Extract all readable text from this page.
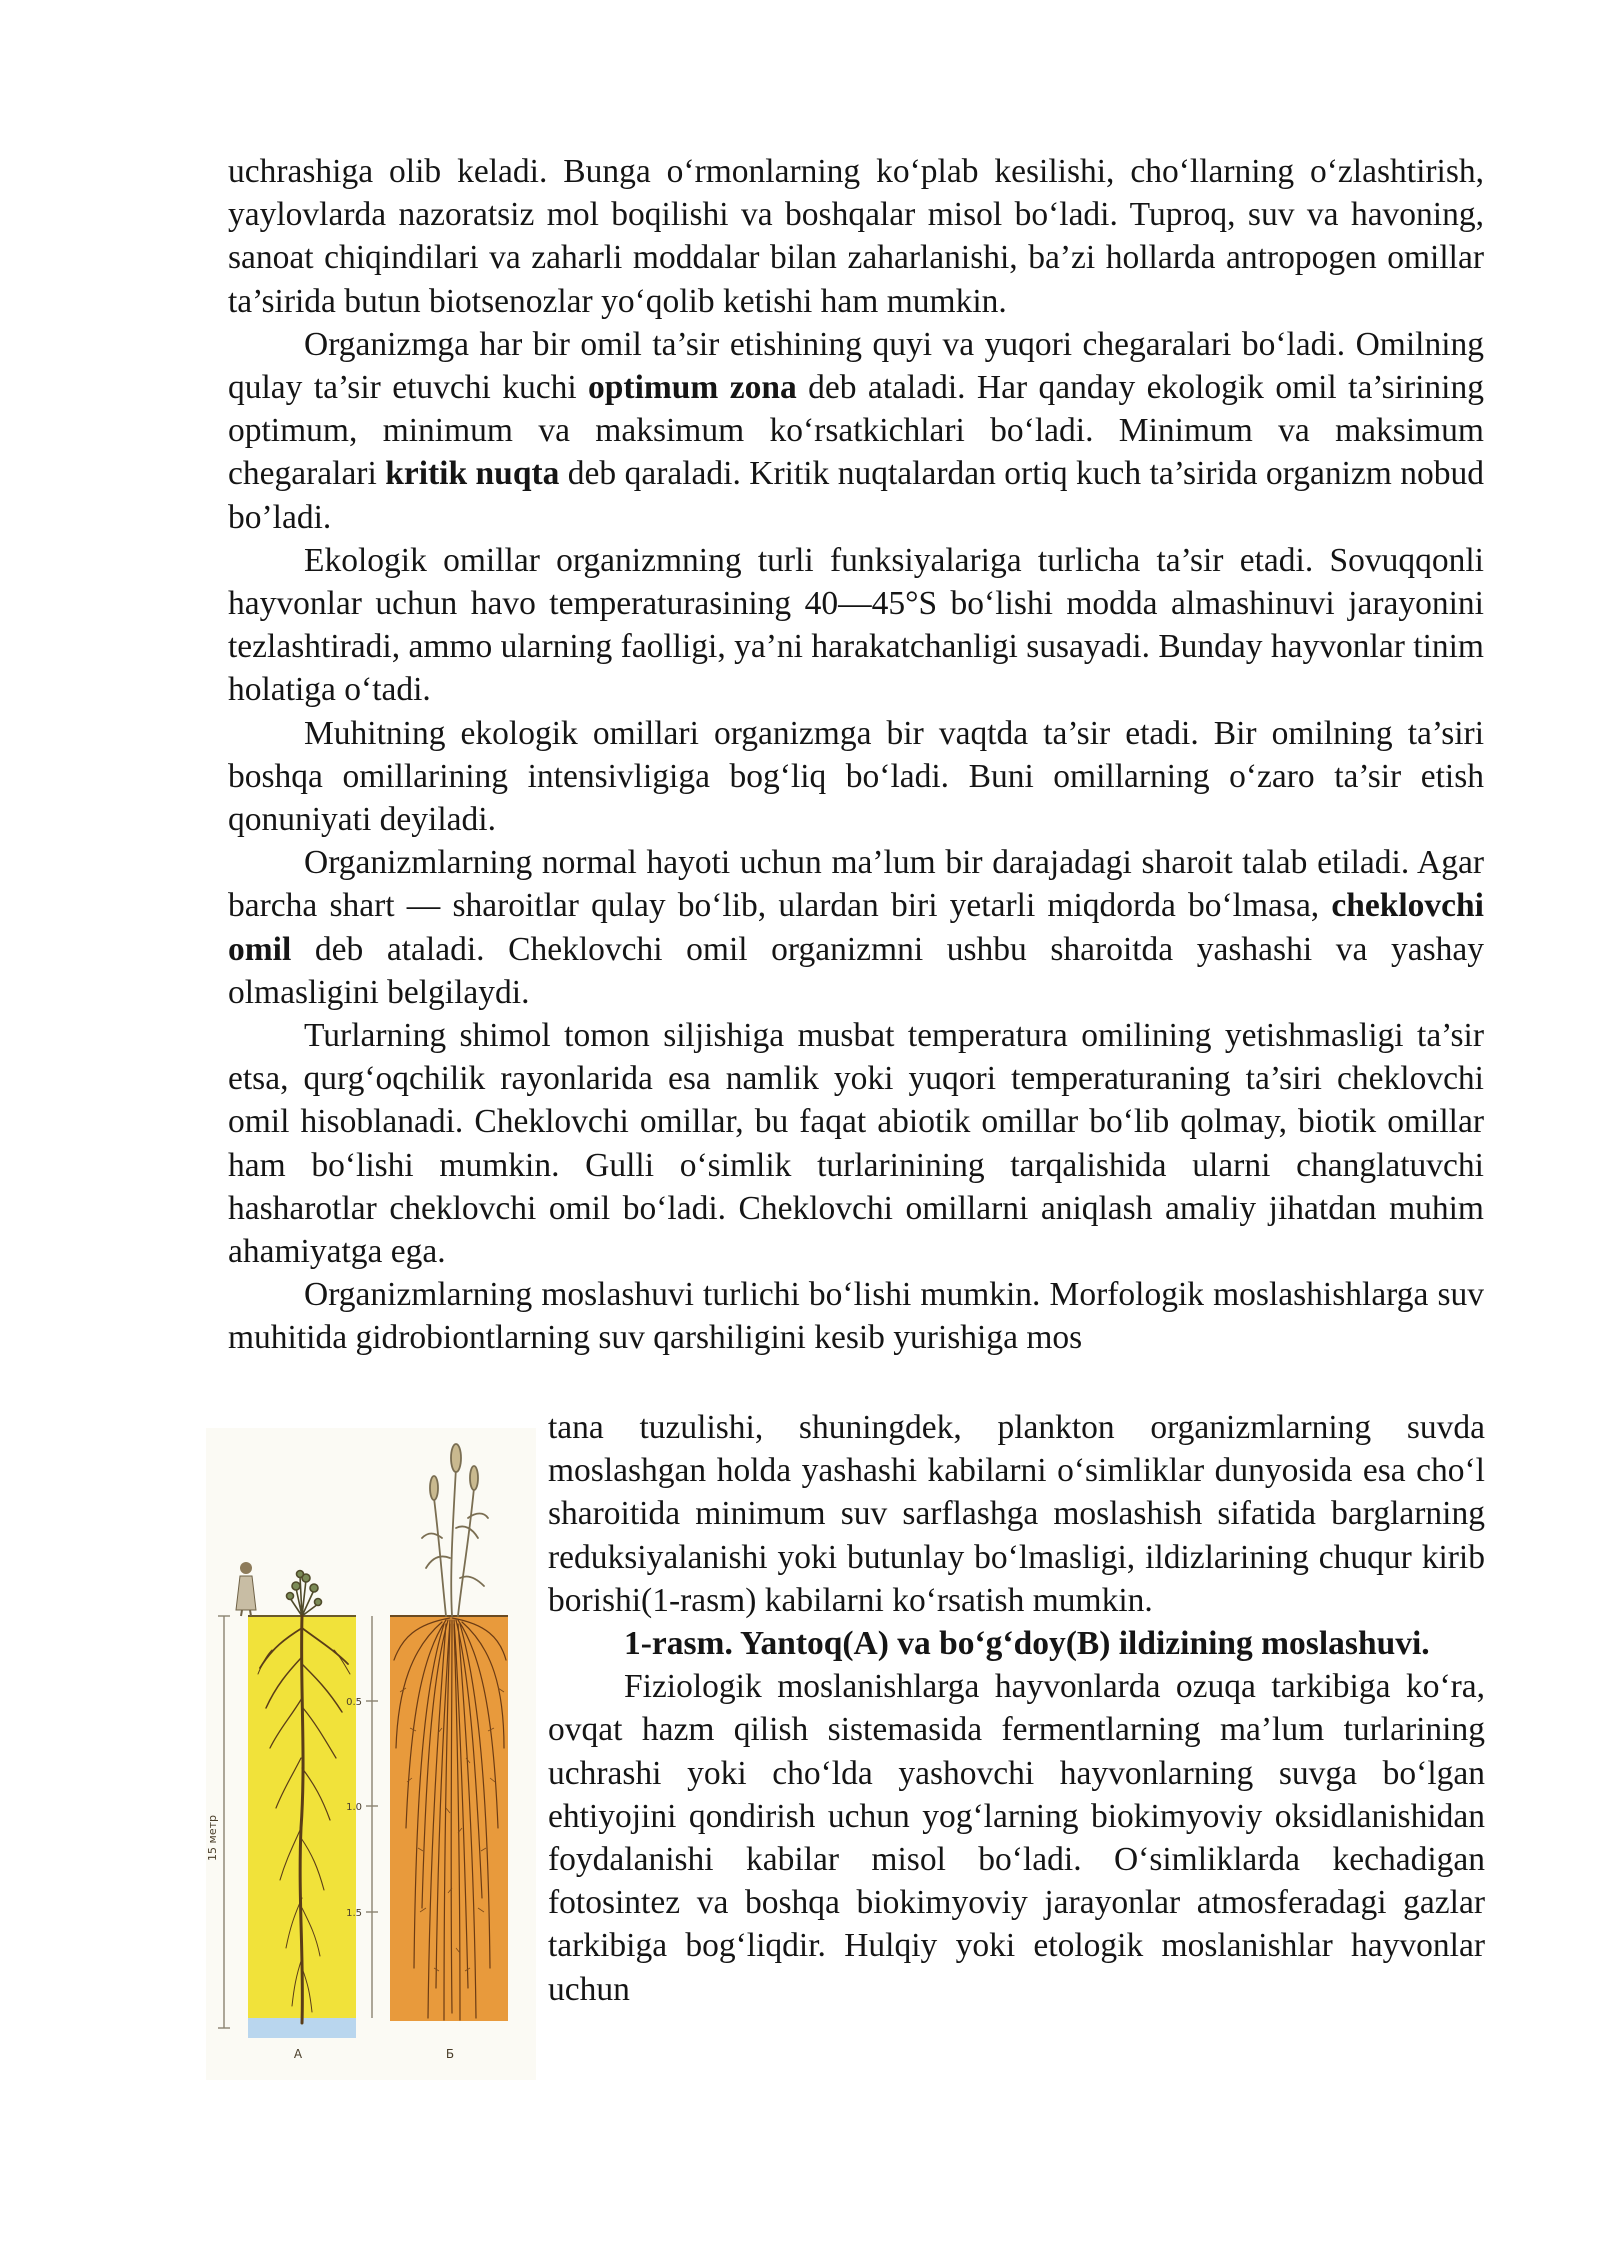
uchrashiga olib keladi. Bunga o‘rmonlarning ko‘plab kesilishi, cho‘llarning o‘zlashtirish, yaylovlarda nazoratsiz mol boqilishi va boshqalar misol bo‘ladi. Tuproq, suv va havoning, sanoat chiqindilari va zaharli moddalar bilan zaharlanishi, ba’zi hollarda antropogen omillar ta’sirida butun biotsenozlar yo‘qolib ketishi ham mumkin.

Organizmga har bir omil ta’sir etishining quyi va yuqori chegaralari bo‘ladi. Omilning qulay ta’sir etuvchi kuchi optimum zona deb ataladi. Har qanday ekologik omil ta’sirining optimum, minimum va maksimum ko‘rsatkichlari bo‘ladi. Minimum va maksimum chegaralari kritik nuqta deb qaraladi. Kritik nuqtalardan ortiq kuch ta’sirida organizm nobud bo’ladi.

Ekologik omillar organizmning turli funksiyalariga turlicha ta’sir etadi. Sovuqqonli hayvonlar uchun havo temperaturasining 40—45°S bo‘lishi modda almashinuvi jarayonini tezlashtiradi, ammo ularning faolligi, ya’ni harakatchanligi susayadi. Bunday hayvonlar tinim holatiga o‘tadi.

Muhitning ekologik omillari organizmga bir vaqtda ta’sir etadi. Bir omilning ta’siri boshqa omillarining intensivligiga bog‘liq bo‘ladi. Buni omillarning o‘zaro ta’sir etish qonuniyati deyiladi.

Organizmlarning normal hayoti uchun ma’lum bir darajadagi sharoit talab etiladi. Agar barcha shart — sharoitlar qulay bo‘lib, ulardan biri yetarli miqdorda bo‘lmasa, cheklovchi omil deb ataladi. Cheklovchi omil organizmni ushbu sharoitda yashashi va yashay olmasligini belgilaydi.

Turlarning shimol tomon siljishiga musbat temperatura omilining yetishmasligi ta’sir etsa, qurg‘oqchilik rayonlarida esa namlik yoki yuqori temperaturaning ta’siri cheklovchi omil hisoblanadi. Cheklovchi omillar, bu faqat abiotik omillar bo‘lib qolmay, biotik omillar ham bo‘lishi mumkin. Gulli o‘simlik turlarinining tarqalishida ularni changlatuvchi hasharotlar cheklovchi omil bo‘ladi. Cheklovchi omillarni aniqlash amaliy jihatdan muhim ahamiyatga ega.

Organizmlarning moslashuvi turlichi bo‘lishi mumkin. Morfologik moslashishlarga suv muhitida gidrobiontlarning suv qarshiligini kesib yurishiga mos

0.5
1.0
1.5
15 метр
А	Б

tana tuzulishi, shuningdek, plankton organizmlarning suvda moslashgan holda yashashi kabilarni o‘simliklar dunyosida esa cho‘l sharoitida minimum suv sarflashga moslashish sifatida barglarning reduksiyalanishi yoki butunlay bo‘lmasligi, ildizlarining chuqur kirib borishi(1-rasm) kabilarni ko‘rsatish mumkin.

1-rasm. Yantoq(A) va bo‘g‘doy(B) ildizining moslashuvi.

Fiziologik moslanishlarga hayvonlarda ozuqa tarkibiga ko‘ra, ovqat hazm qilish sistemasida fermentlarning ma’lum turlarining uchrashi yoki cho‘lda yashovchi hayvonlarning suvga bo‘lgan ehtiyojini qondirish uchun yog‘larning biokimyoviy oksidlanishidan foydalanishi kabilar misol bo‘ladi. O‘simliklarda kechadigan fotosintez va boshqa biokimyoviy jarayonlar atmosferadagi gazlar tarkibiga bog‘liqdir. Hulqiy yoki etologik moslanishlar hayvonlar uchun
